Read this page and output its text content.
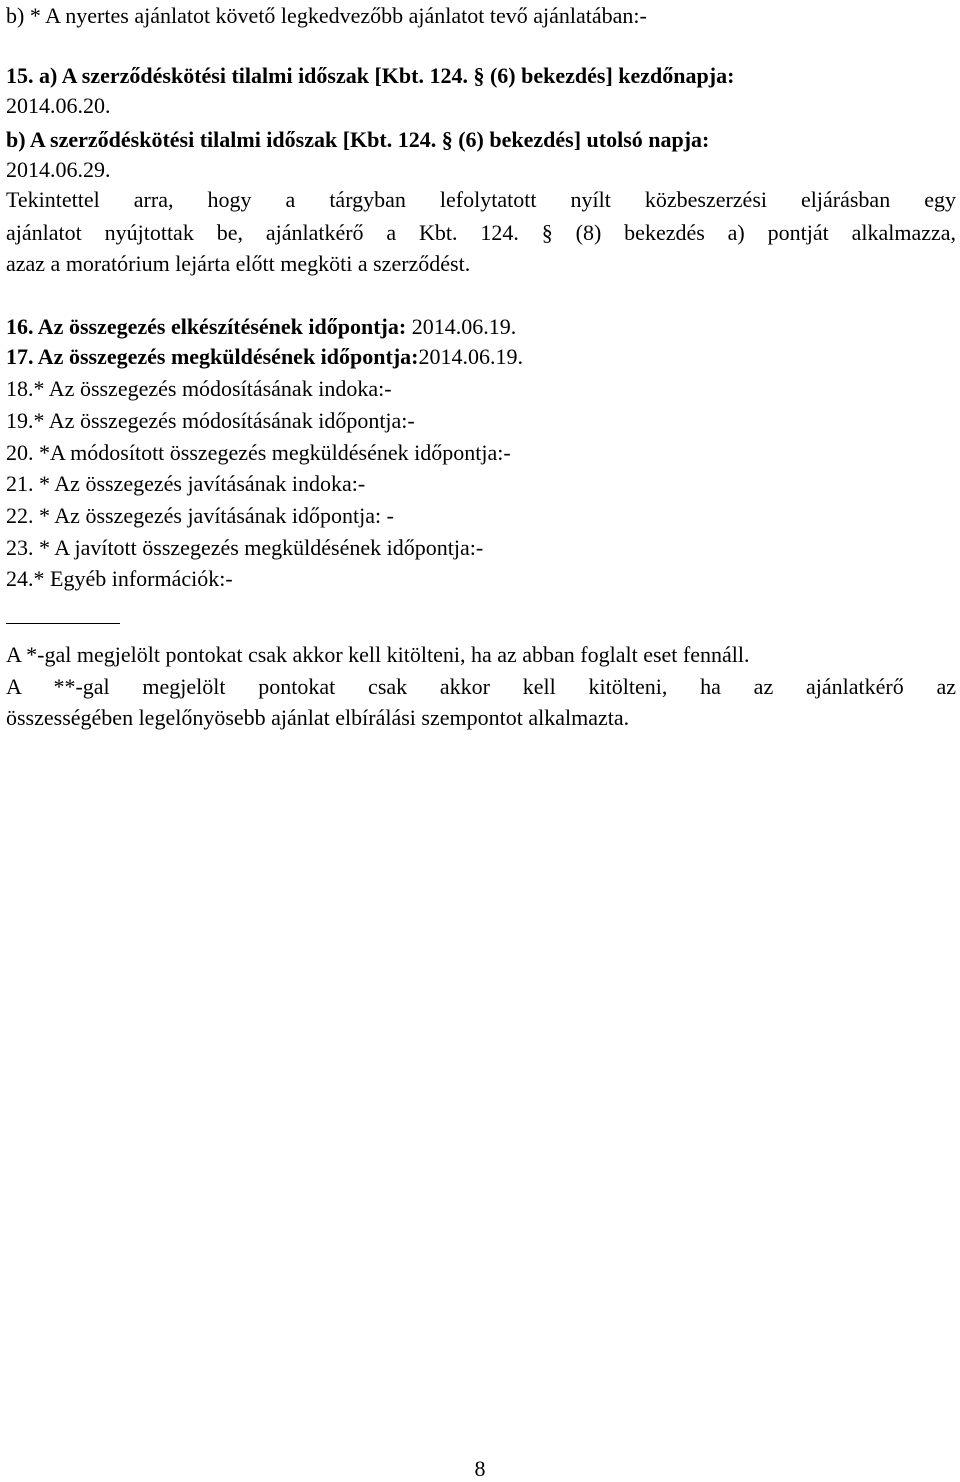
b) * A nyertes ajánlatot követő legkedvezőbb ajánlatot tevő ajánlatában:-
15. a) A szerződéskötési tilalmi időszak [Kbt. 124. § (6) bekezdés] kezdőnapja:
2014.06.20.
b) A szerződéskötési tilalmi időszak [Kbt. 124. § (6) bekezdés] utolsó napja:
2014.06.29.
Tekintettel arra, hogy a tárgyban lefolytatott nyílt közbeszerzési eljárásban egy
ajánlatot nyújtottak be, ajánlatkérő a Kbt. 124. § (8) bekezdés a) pontját alkalmazza,
azaz a moratórium lejárta előtt megköti a szerződést.
16. Az összegezés elkészítésének időpontja: 2014.06.19.
17. Az összegezés megküldésének időpontja:2014.06.19.
18.* Az összegezés módosításának indoka:-
19.* Az összegezés módosításának időpontja:-
20. *A módosított összegezés megküldésének időpontja:-
21. * Az összegezés javításának indoka:-
22. * Az összegezés javításának időpontja: -
23. * A javított összegezés megküldésének időpontja:-
24.* Egyéb információk:-
A *-gal megjelölt pontokat csak akkor kell kitölteni, ha az abban foglalt eset fennáll.
A **-gal megjelölt pontokat csak akkor kell kitölteni, ha az ajánlatkérő az
összességében legelőnyösebb ajánlat elbírálási szempontot alkalmazta.
8
